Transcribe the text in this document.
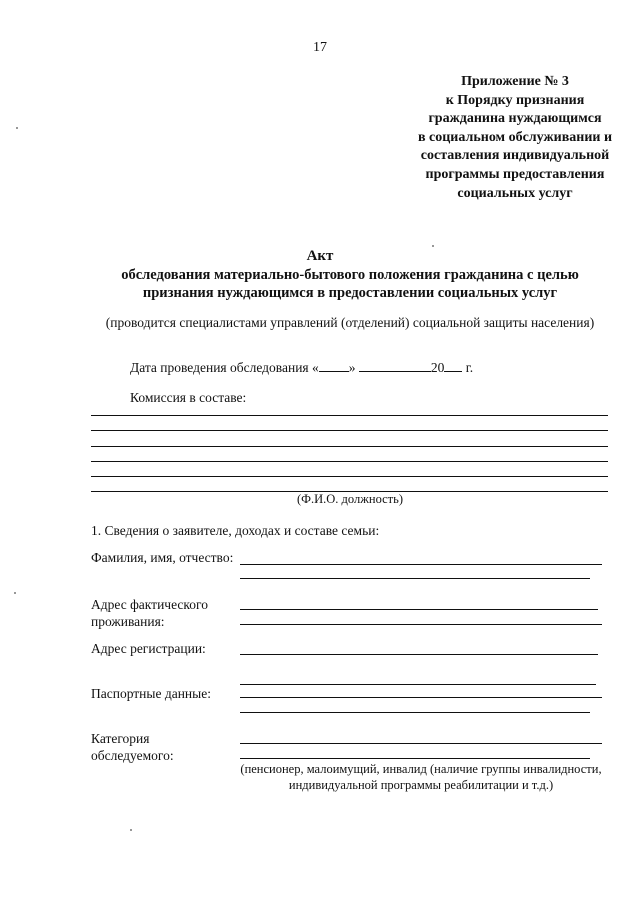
17
Приложение № 3
к Порядку признания
гражданина нуждающимся
в социальном обслуживании и
составления индивидуальной
программы предоставления
социальных услуг
Акт
обследования материально-бытового положения гражданина с целью
признания нуждающимся в предоставлении социальных услуг
(проводится специалистами управлений (отделений) социальной защиты населения)
Дата проведения обследования « »	20 г.
Комиссия в составе:
(Ф.И.О. должность)
1. Сведения о заявителе, доходах и составе семьи:
Фамилия, имя, отчество:
Адрес фактического
проживания:
Адрес регистрации:
Паспортные данные:
Категория
обследуемого:
(пенсионер, малоимущий, инвалид (наличие группы инвалидности,
индивидуальной программы реабилитации и т.д.)
